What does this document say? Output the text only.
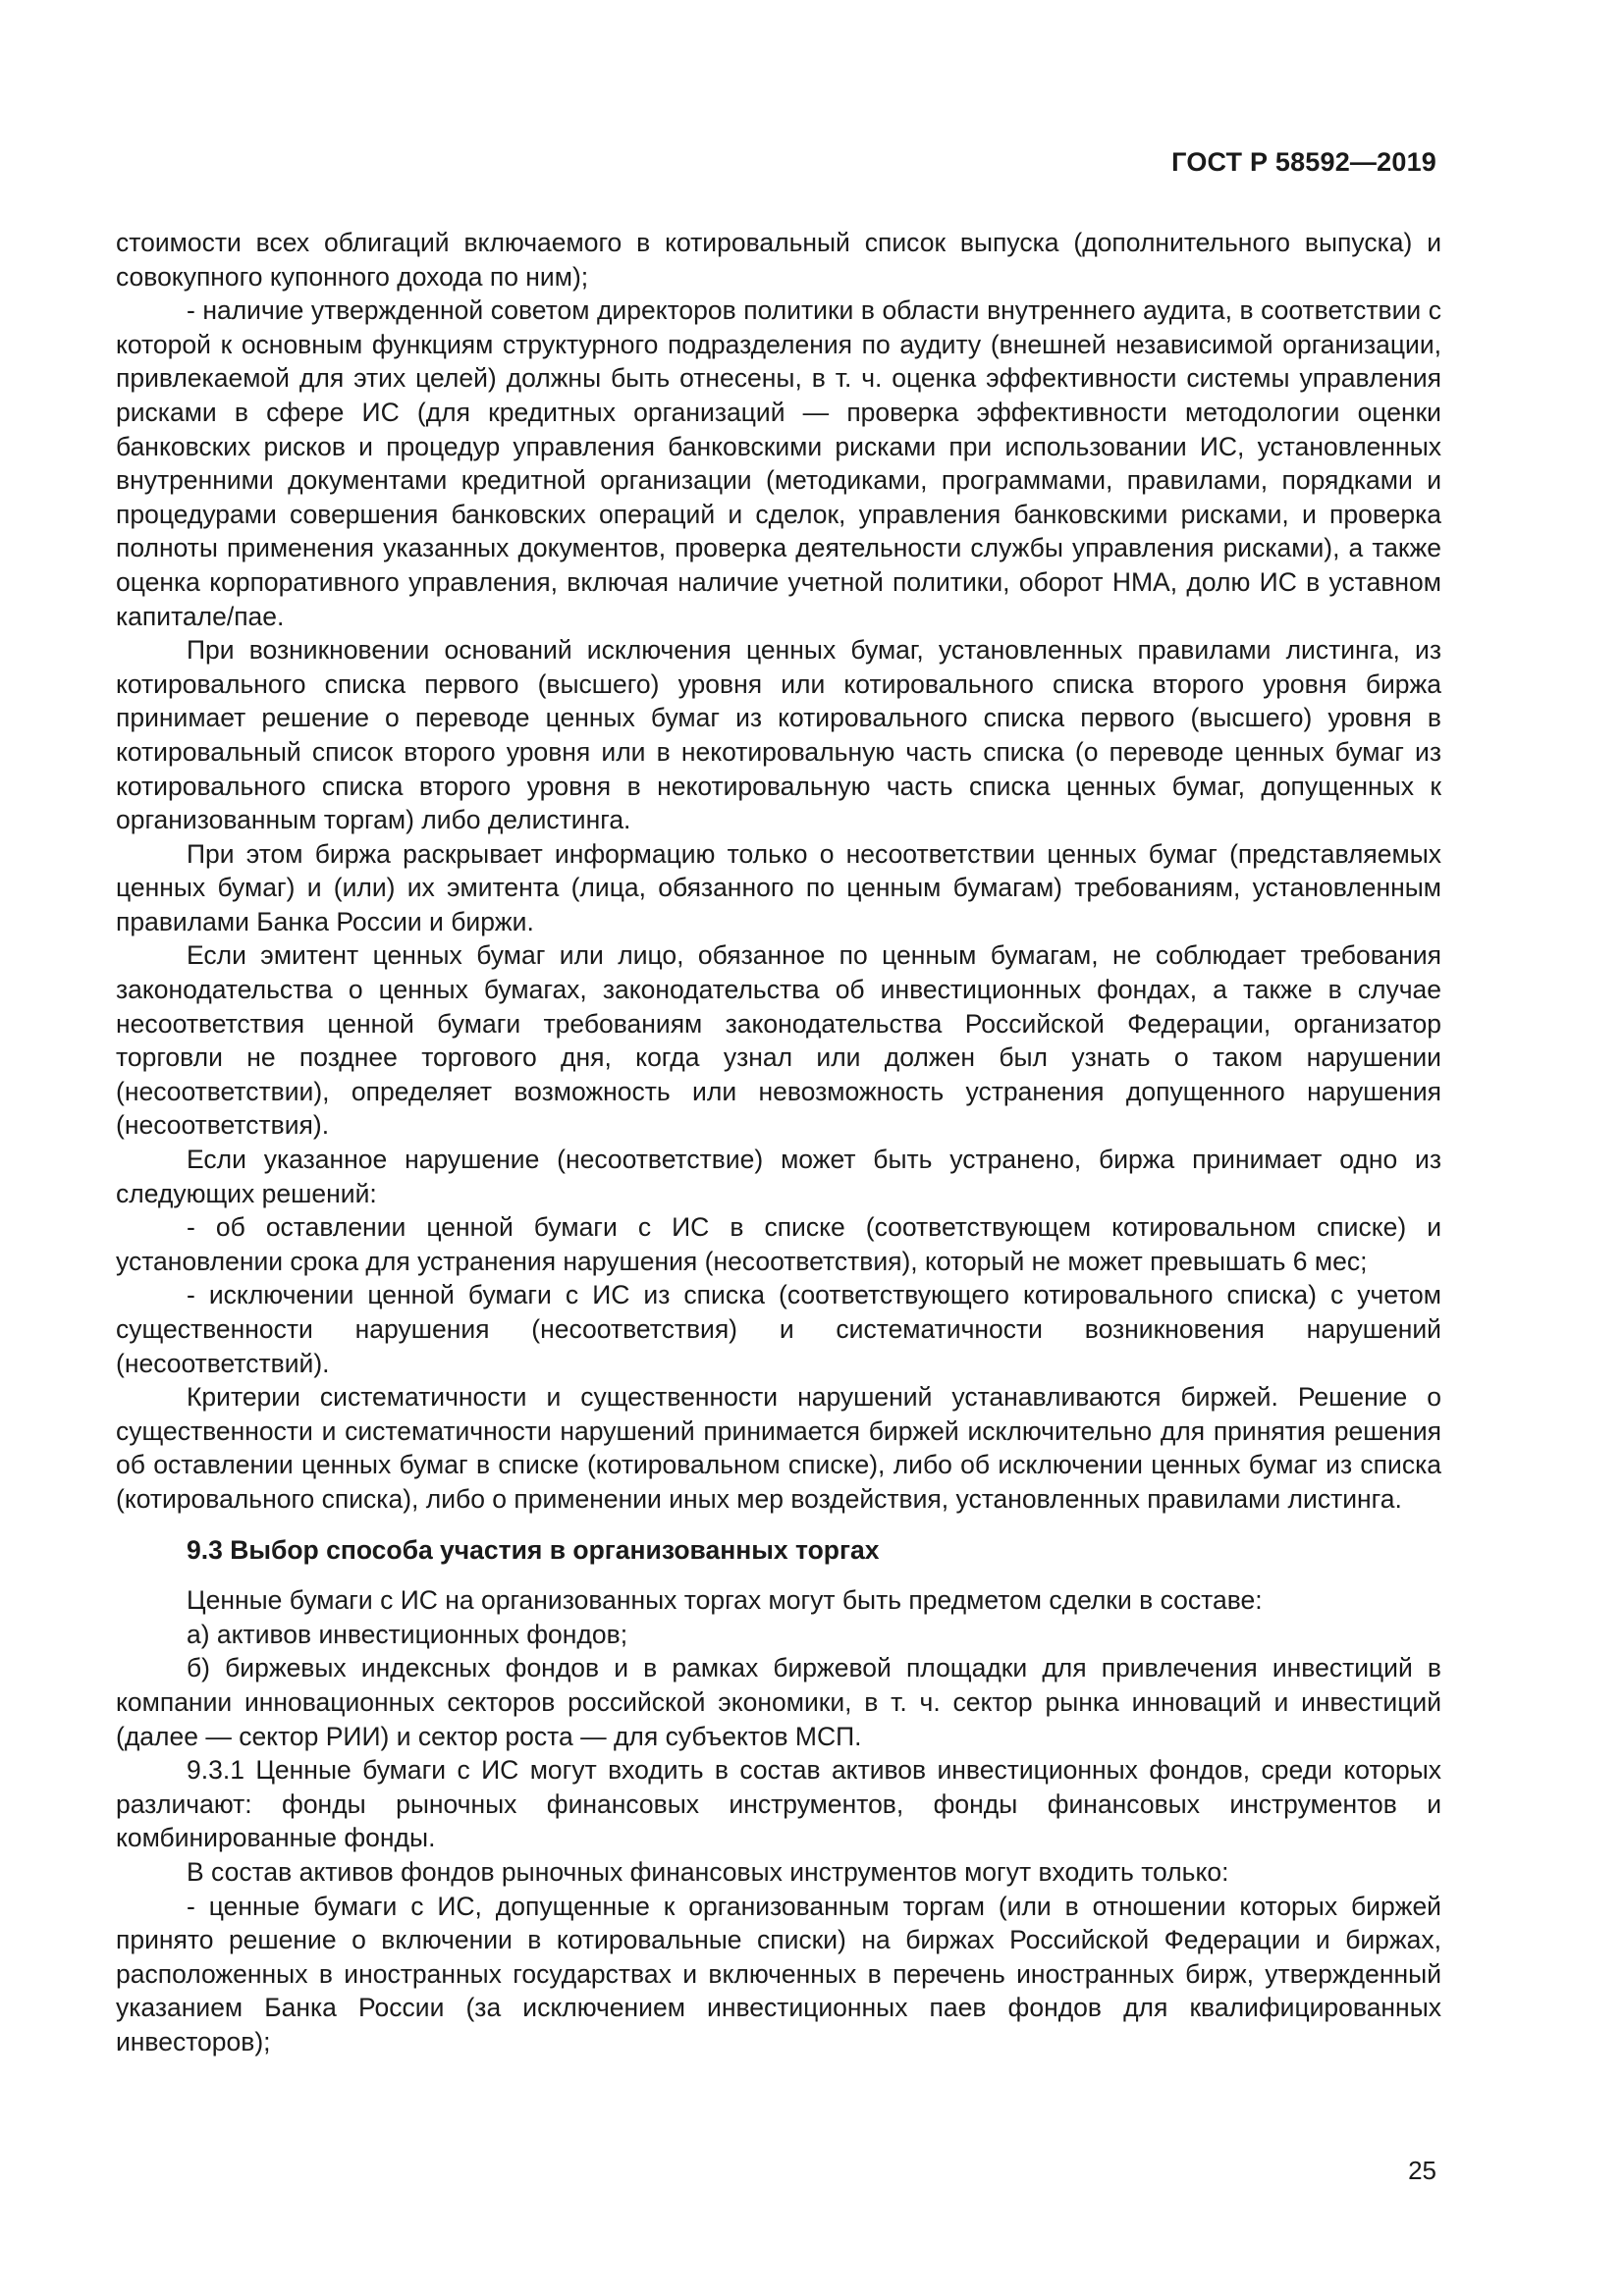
ГОСТ Р 58592—2019

стоимости всех облигаций включаемого в котировальный список выпуска (дополнительного выпуска) и совокупного купонного дохода по ним);

- наличие утвержденной советом директоров политики в области внутреннего аудита, в соответствии с которой к основным функциям структурного подразделения по аудиту (внешней независимой организации, привлекаемой для этих целей) должны быть отнесены, в т. ч. оценка эффективности системы управления рисками в сфере ИС (для кредитных организаций — проверка эффективности методологии оценки банковских рисков и процедур управления банковскими рисками при использовании ИС, установленных внутренними документами кредитной организации (методиками, программами, правилами, порядками и процедурами совершения банковских операций и сделок, управления банковскими рисками, и проверка полноты применения указанных документов, проверка деятельности службы управления рисками), а также оценка корпоративного управления, включая наличие учетной политики, оборот НМА, долю ИС в уставном капитале/пае.

При возникновении оснований исключения ценных бумаг, установленных правилами листинга, из котировального списка первого (высшего) уровня или котировального списка второго уровня биржа принимает решение о переводе ценных бумаг из котировального списка первого (высшего) уровня в котировальный список второго уровня или в некотировальную часть списка (о переводе ценных бумаг из котировального списка второго уровня в некотировальную часть списка ценных бумаг, допущенных к организованным торгам) либо делистинга.

При этом биржа раскрывает информацию только о несоответствии ценных бумаг (представляемых ценных бумаг) и (или) их эмитента (лица, обязанного по ценным бумагам) требованиям, установленным правилами Банка России и биржи.

Если эмитент ценных бумаг или лицо, обязанное по ценным бумагам, не соблюдает требования законодательства о ценных бумагах, законодательства об инвестиционных фондах, а также в случае несоответствия ценной бумаги требованиям законодательства Российской Федерации, организатор торговли не позднее торгового дня, когда узнал или должен был узнать о таком нарушении (несоответствии), определяет возможность или невозможность устранения допущенного нарушения (несоответствия).

Если указанное нарушение (несоответствие) может быть устранено, биржа принимает одно из следующих решений:

- об оставлении ценной бумаги с ИС в списке (соответствующем котировальном списке) и установлении срока для устранения нарушения (несоответствия), который не может превышать 6 мес;

- исключении ценной бумаги с ИС из списка (соответствующего котировального списка) с учетом существенности нарушения (несоответствия) и систематичности возникновения нарушений (несоответствий).

Критерии систематичности и существенности нарушений устанавливаются биржей. Решение о существенности и систематичности нарушений принимается биржей исключительно для принятия решения об оставлении ценных бумаг в списке (котировальном списке), либо об исключении ценных бумаг из списка (котировального списка), либо о применении иных мер воздействия, установленных правилами листинга.

9.3 Выбор способа участия в организованных торгах

Ценные бумаги с ИС на организованных торгах могут быть предметом сделки в составе:

а) активов инвестиционных фондов;

б) биржевых индексных фондов и в рамках биржевой площадки для привлечения инвестиций в компании инновационных секторов российской экономики, в т. ч. сектор рынка инноваций и инвестиций (далее — сектор РИИ) и сектор роста — для субъектов МСП.

9.3.1 Ценные бумаги с ИС могут входить в состав активов инвестиционных фондов, среди которых различают: фонды рыночных финансовых инструментов, фонды финансовых инструментов и комбинированные фонды.

В состав активов фондов рыночных финансовых инструментов могут входить только:

- ценные бумаги с ИС, допущенные к организованным торгам (или в отношении которых биржей принято решение о включении в котировальные списки) на биржах Российской Федерации и биржах, расположенных в иностранных государствах и включенных в перечень иностранных бирж, утвержденный указанием Банка России (за исключением инвестиционных паев фондов для квалифицированных инвесторов);

25
